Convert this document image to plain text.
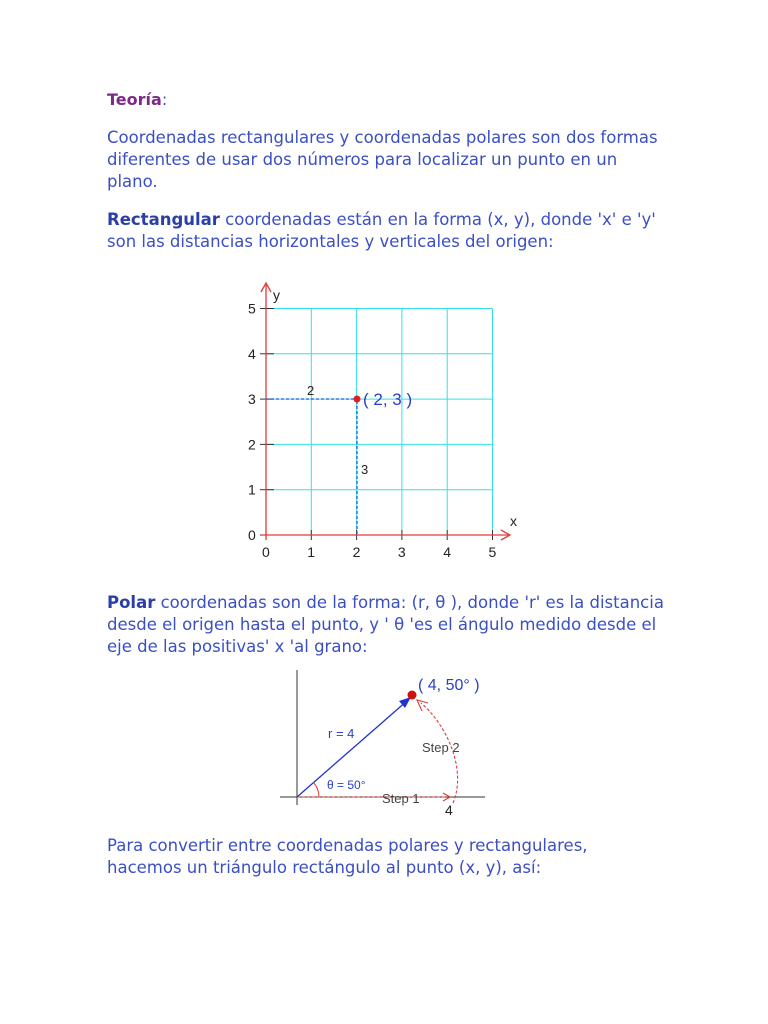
Teoría:

Coordenadas rectangulares y coordenadas polares son dos formas diferentes de usar dos números para localizar un punto en un plano.

Rectangular coordenadas están en la forma (x, y), donde 'x' e 'y' son las distancias horizontales y verticales del origen:

x
y
0	1	2	3	4	5
0
1
2
3
4
5
2
3
( 2, 3 )

Polar coordenadas son de la forma: (r, θ ), donde 'r' es la distancia desde el origen hasta el punto, y ' θ 'es el ángulo medido desde el eje de las positivas' x 'al grano:

( 4, 50° )
r = 4
θ = 50°
Step 1
Step 2
4

Para convertir entre coordenadas polares y rectangulares, hacemos un triángulo rectángulo al punto (x, y), así:
